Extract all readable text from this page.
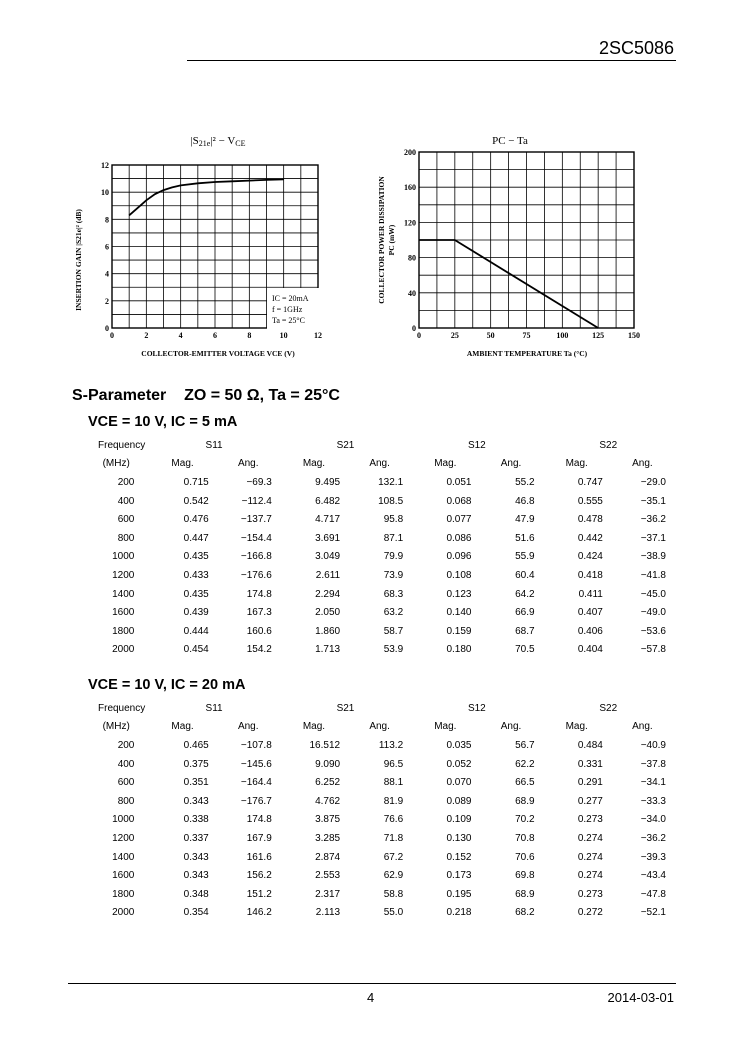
2SC5086
|S21e|² − VCE
0	2	4	6	8	10	12
0
2
4
6
8
10
12
INSERTION GAIN |S21e|² (dB)
COLLECTOR-EMITTER VOLTAGE VCE (V)
IC = 20mA
f = 1GHz
Ta = 25°C
PC − Ta
0	25	50	75	100	125	150
0
40
80
120
160
200
COLLECTOR POWER DISSIPATION PC (mW)
AMBIENT TEMPERATURE Ta (°C)
S-Parameter ZO = 50 Ω, Ta = 25°C
VCE = 10 V, IC = 5 mA
Frequency	S11		S21		S12		S22	
(MHz)	Mag.	Ang.	Mag.	Ang.	Mag.	Ang.	Mag.	Ang.
200	0.715	−69.3	9.495	132.1	0.051	55.2	0.747	−29.0
400	0.542	−112.4	6.482	108.5	0.068	46.8	0.555	−35.1
600	0.476	−137.7	4.717	95.8	0.077	47.9	0.478	−36.2
800	0.447	−154.4	3.691	87.1	0.086	51.6	0.442	−37.1
1000	0.435	−166.8	3.049	79.9	0.096	55.9	0.424	−38.9
1200	0.433	−176.6	2.611	73.9	0.108	60.4	0.418	−41.8
1400	0.435	174.8	2.294	68.3	0.123	64.2	0.411	−45.0
1600	0.439	167.3	2.050	63.2	0.140	66.9	0.407	−49.0
1800	0.444	160.6	1.860	58.7	0.159	68.7	0.406	−53.6
2000	0.454	154.2	1.713	53.9	0.180	70.5	0.404	−57.8
VCE = 10 V, IC = 20 mA
Frequency	S11		S21		S12		S22	
(MHz)	Mag.	Ang.	Mag.	Ang.	Mag.	Ang.	Mag.	Ang.
200	0.465	−107.8	16.512	113.2	0.035	56.7	0.484	−40.9
400	0.375	−145.6	9.090	96.5	0.052	62.2	0.331	−37.8
600	0.351	−164.4	6.252	88.1	0.070	66.5	0.291	−34.1
800	0.343	−176.7	4.762	81.9	0.089	68.9	0.277	−33.3
1000	0.338	174.8	3.875	76.6	0.109	70.2	0.273	−34.0
1200	0.337	167.9	3.285	71.8	0.130	70.8	0.274	−36.2
1400	0.343	161.6	2.874	67.2	0.152	70.6	0.274	−39.3
1600	0.343	156.2	2.553	62.9	0.173	69.8	0.274	−43.4
1800	0.348	151.2	2.317	58.8	0.195	68.9	0.273	−47.8
2000	0.354	146.2	2.113	55.0	0.218	68.2	0.272	−52.1
4	2014-03-01
